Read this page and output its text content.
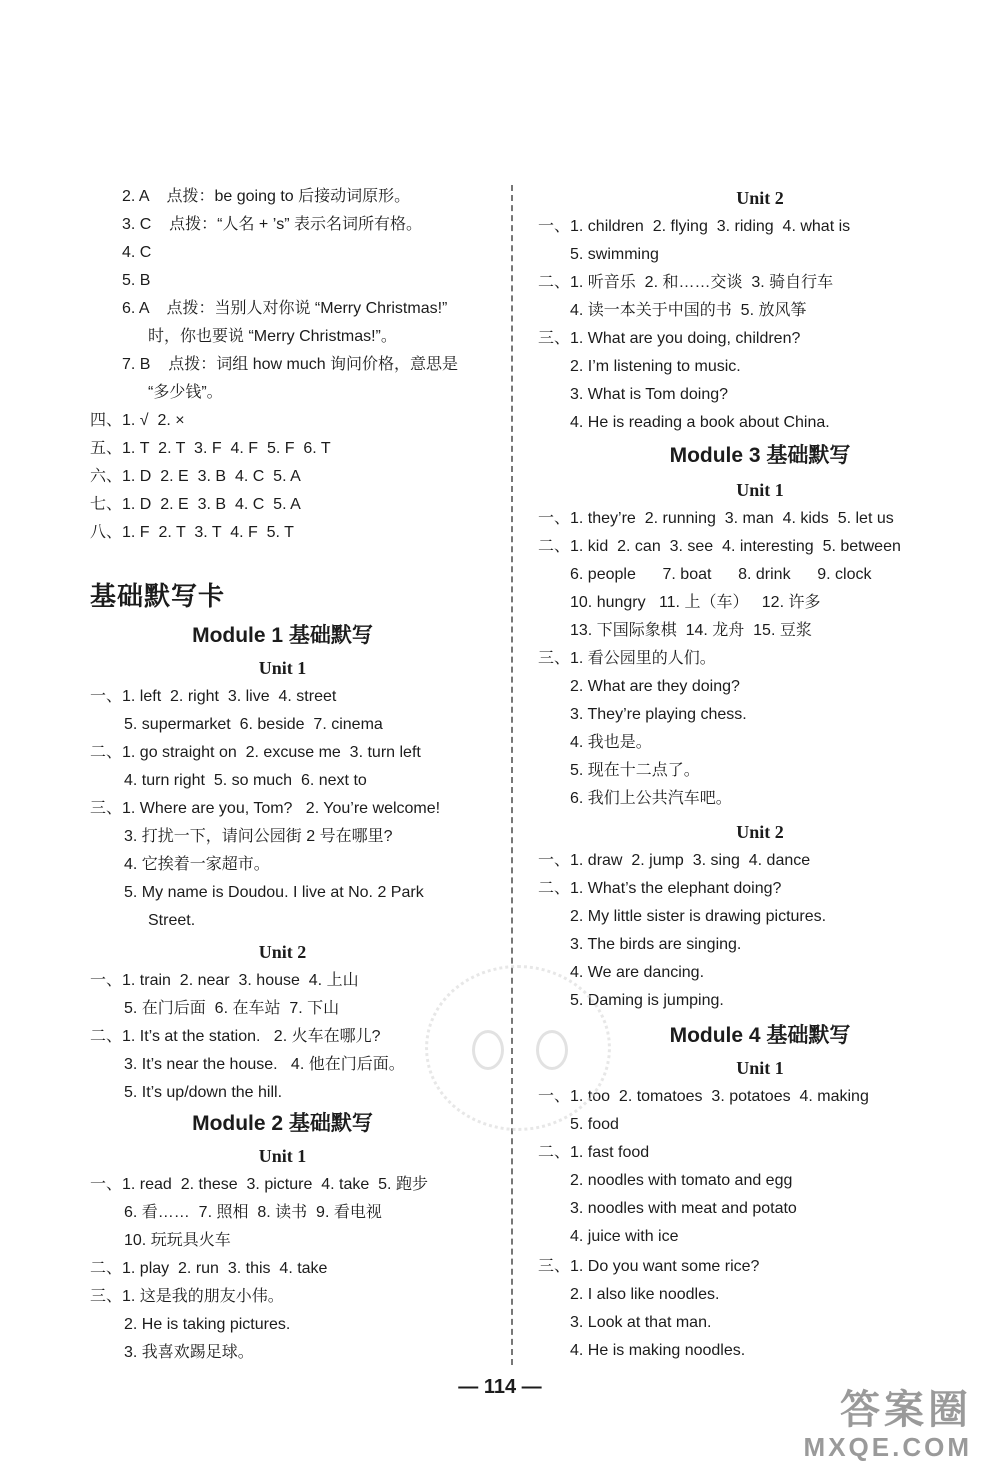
2. A    点拨：be going to 后接动词原形。
3. C    点拨：“人名 + ’s” 表示名词所有格。
4. C
5. B
6. A    点拨：当别人对你说 “Merry Christmas!”
时，你也要说 “Merry Christmas!”。
7. B    点拨：词组 how much 询问价格，意思是
“多少钱”。
四、1. √  2. ×
五、1. T  2. T  3. F  4. F  5. F  6. T
六、1. D  2. E  3. B  4. C  5. A
七、1. D  2. E  3. B  4. C  5. A
八、1. F  2. T  3. T  4. F  5. T
基础默写卡
Module 1 基础默写
Unit 1
一、1. left  2. right  3. live  4. street
5. supermarket  6. beside  7. cinema
二、1. go straight on  2. excuse me  3. turn left
4. turn right  5. so much  6. next to
三、1. Where are you, Tom?   2. You’re welcome!
3. 打扰一下，请问公园街 2 号在哪里?
4. 它挨着一家超市。
5. My name is Doudou. I live at No. 2 Park
Street.
Unit 2
一、1. train  2. near  3. house  4. 上山
5. 在门后面  6. 在车站  7. 下山
二、1. It’s at the station.   2. 火车在哪儿?
3. It’s near the house.   4. 他在门后面。
5. It’s up/down the hill.
Module 2 基础默写
Unit 1
一、1. read  2. these  3. picture  4. take  5. 跑步
6. 看……  7. 照相  8. 读书  9. 看电视
10. 玩玩具火车
二、1. play  2. run  3. this  4. take
三、1. 这是我的朋友小伟。
2. He is taking pictures.
3. 我喜欢踢足球。
Unit 2
一、1. children  2. flying  3. riding  4. what is
5. swimming
二、1. 听音乐  2. 和……交谈  3. 骑自行车
4. 读一本关于中国的书  5. 放风筝
三、1. What are you doing, children?
2. I’m listening to music.
3. What is Tom doing?
4. He is reading a book about China.
Module 3 基础默写
Unit 1
一、1. they’re  2. running  3. man  4. kids  5. let us
二、1. kid  2. can  3. see  4. interesting  5. between
6. people      7. boat      8. drink      9. clock
10. hungry   11. 上（车）   12. 许多
13. 下国际象棋  14. 龙舟  15. 豆浆
三、1. 看公园里的人们。
2. What are they doing?
3. They’re playing chess.
4. 我也是。
5. 现在十二点了。
6. 我们上公共汽车吧。
Unit 2
一、1. draw  2. jump  3. sing  4. dance
二、1. What’s the elephant doing?
2. My little sister is drawing pictures.
3. The birds are singing.
4. We are dancing.
5. Daming is jumping.
Module 4 基础默写
Unit 1
一、1. too  2. tomatoes  3. potatoes  4. making
5. food
二、1. fast food
2. noodles with tomato and egg
3. noodles with meat and potato
4. juice with ice
三、1. Do you want some rice?
2. I also like noodles.
3. Look at that man.
4. He is making noodles.
— 114 —
答案圈
MXQE.COM
